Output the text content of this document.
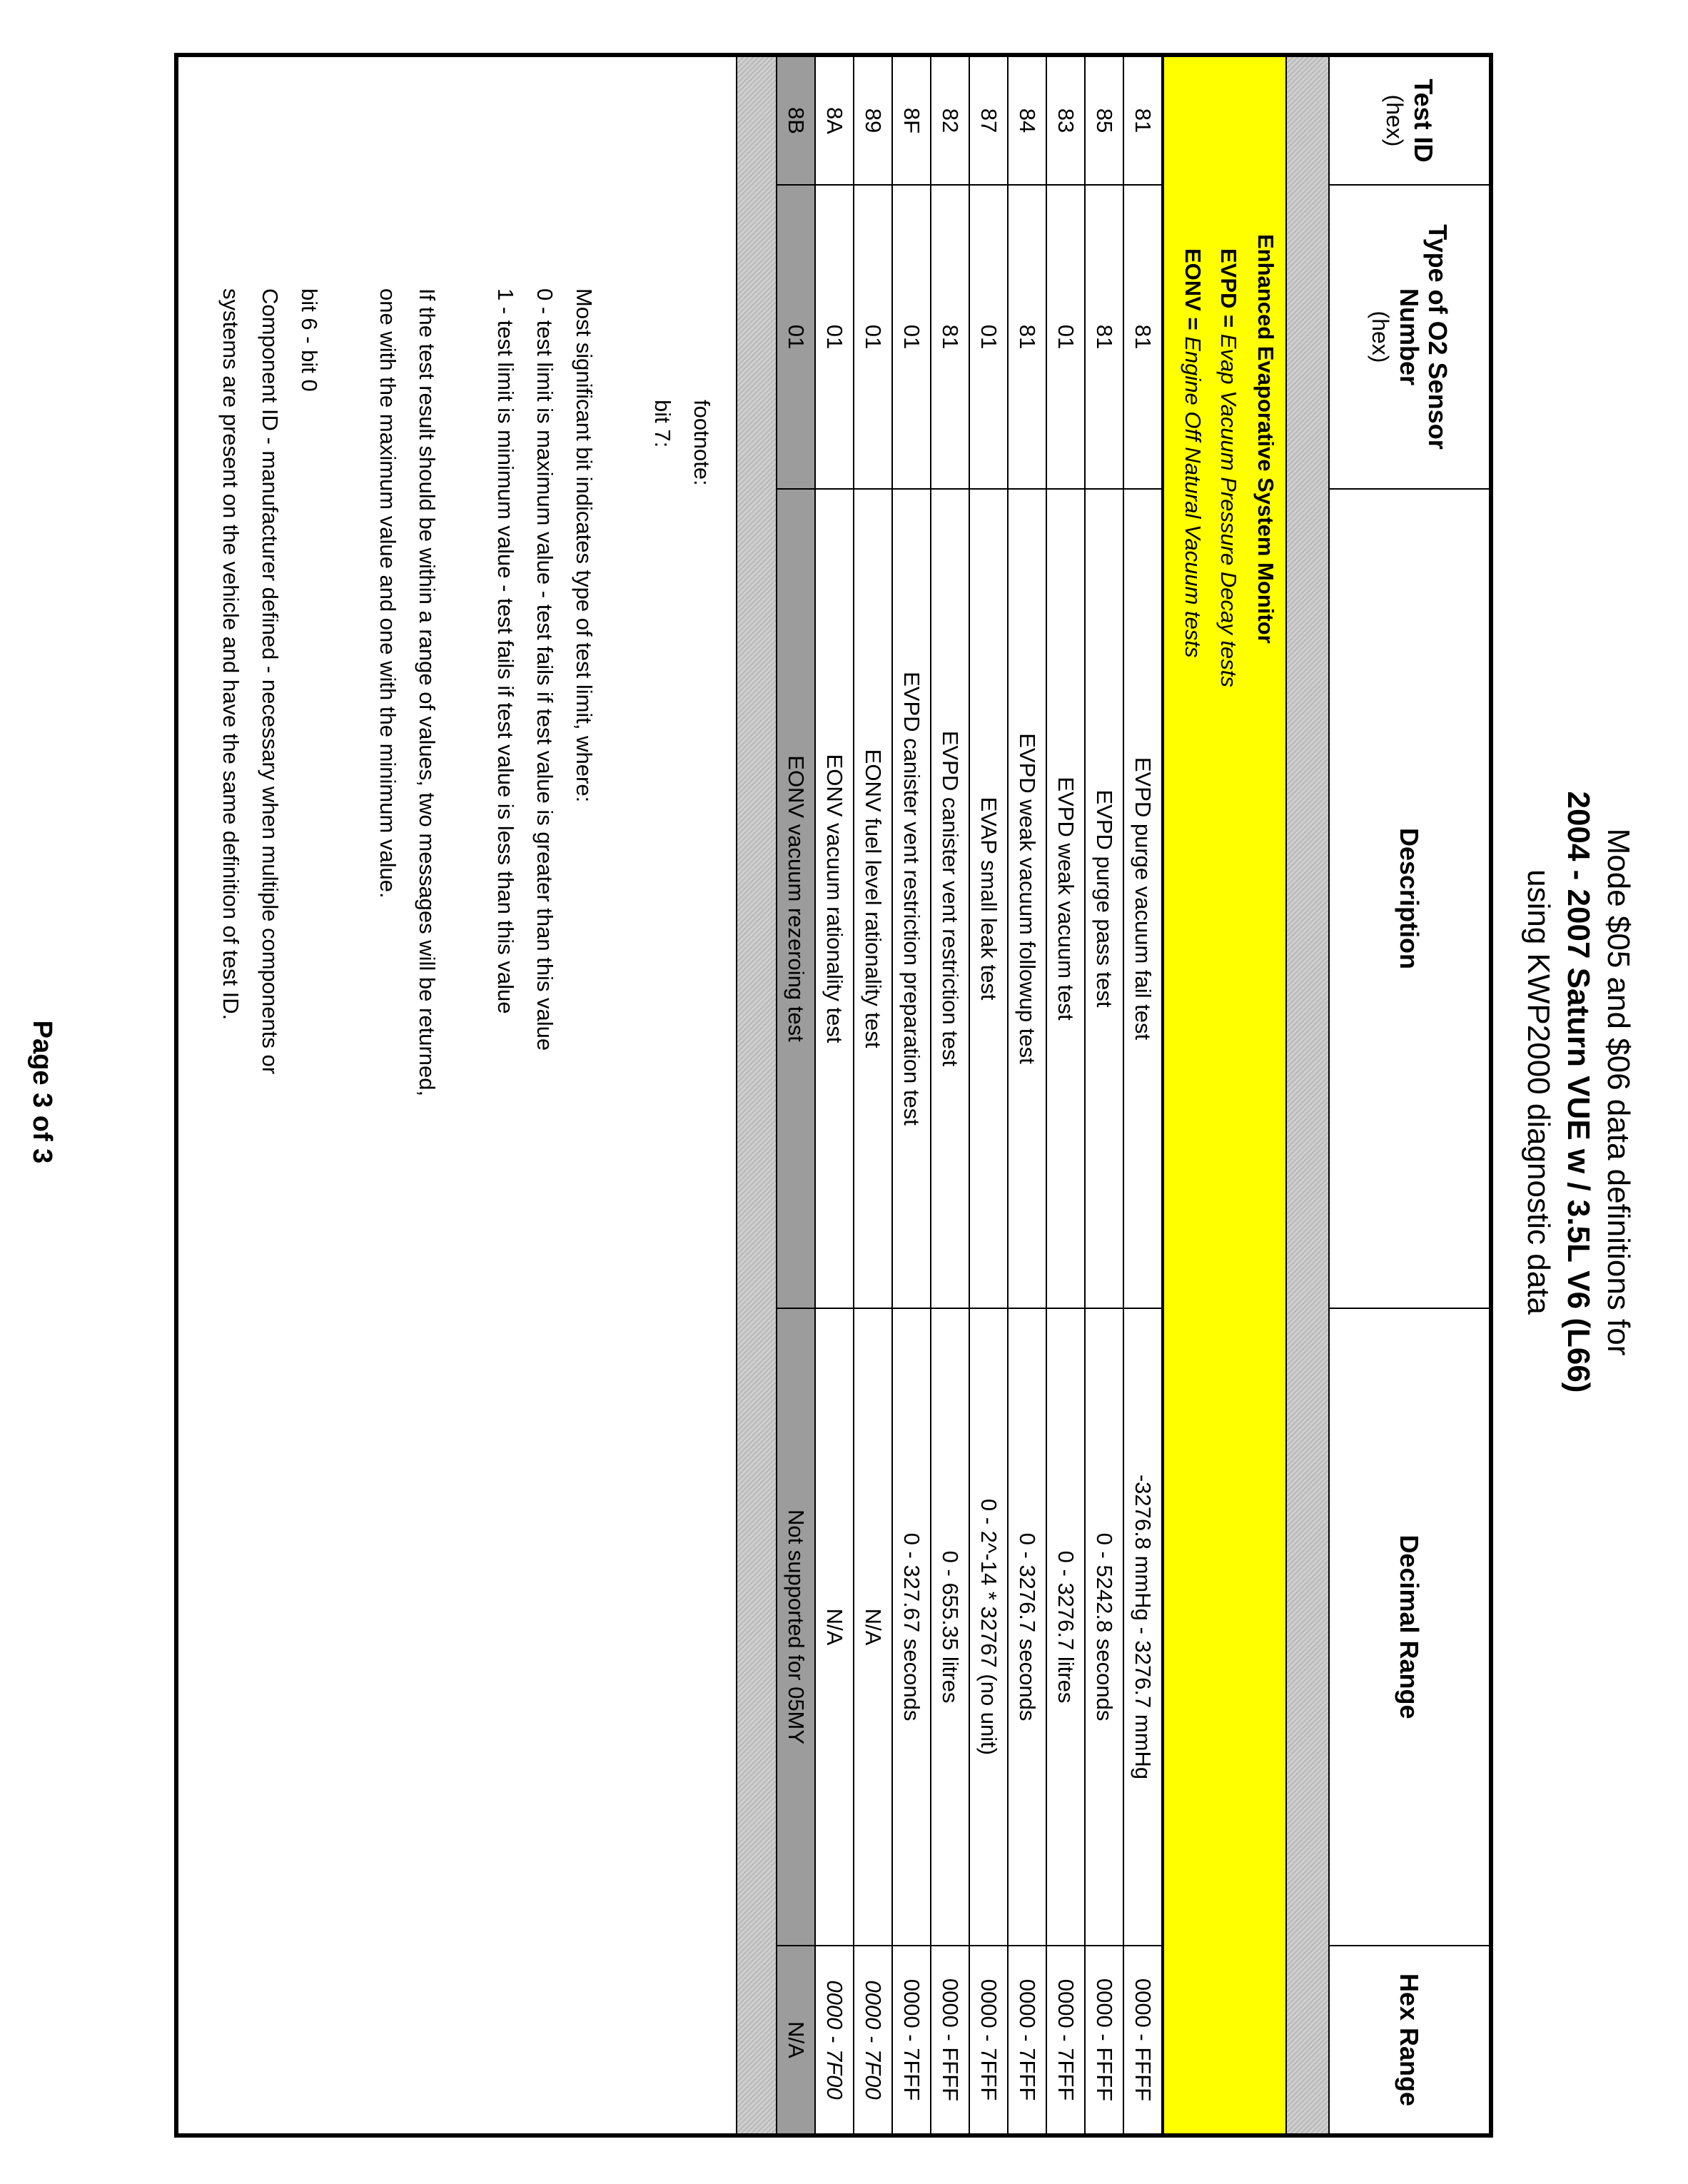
Mode $05 and $06 data definitions for
2004 - 2007 Saturn VUE w / 3.5L V6 (L66)
using KWP2000 diagnostic data
Test ID
(hex)
Type of O2 Sensor
Number
(hex)
Description
Decimal Range
Hex Range
Enhanced Evaporative System Monitor
EVPD = Evap Vacuum Pressure Decay tests
EONV = Engine Off Natural Vacuum tests
81
81
EVPD purge vacuum fail test
-3276.8 mmHg - 3276.7 mmHg
0000 - FFFF
85
81
EVPD purge pass test
0 - 5242.8 seconds
0000 - FFFF
83
01
EVPD weak vacuum test
0 - 3276.7 litres
0000 - 7FFF
84
81
EVPD weak vacuum followup test
0 - 3276.7 seconds
0000 - 7FFF
87
01
EVAP small leak test
0 - 2^-14 * 32767 (no unit)
0000 - 7FFF
82
81
EVPD canister vent restriction test
0 - 655.35 litres
0000 - FFFF
8F
01
EVPD canister vent restriction preparation test
0 - 327.67 seconds
0000 - 7FFF
89
01
EONV fuel level rationality test
N/A
0000 - 7F00
8A
01
EONV vacuum rationality test
N/A
0000 - 7F00
8B
01
EONV vacuum rezeroing test
Not supported for 05MY
N/A
footnote:
bit 7:
Most significant bit indicates type of test limit, where:
0 - test limit is maximum value - test fails if test value is greater than this value
1 - test limit is minimum value - test fails if test value is less than this value
If the test result should be within a range of values, two messages will be returned,
one with the maximum value and one with the minimum value.
bit 6 - bit 0
Component ID - manufacturer defined - necessary when multiple components or
systems are present on the vehicle and have the same definition of test ID.
Page 3 of 3
